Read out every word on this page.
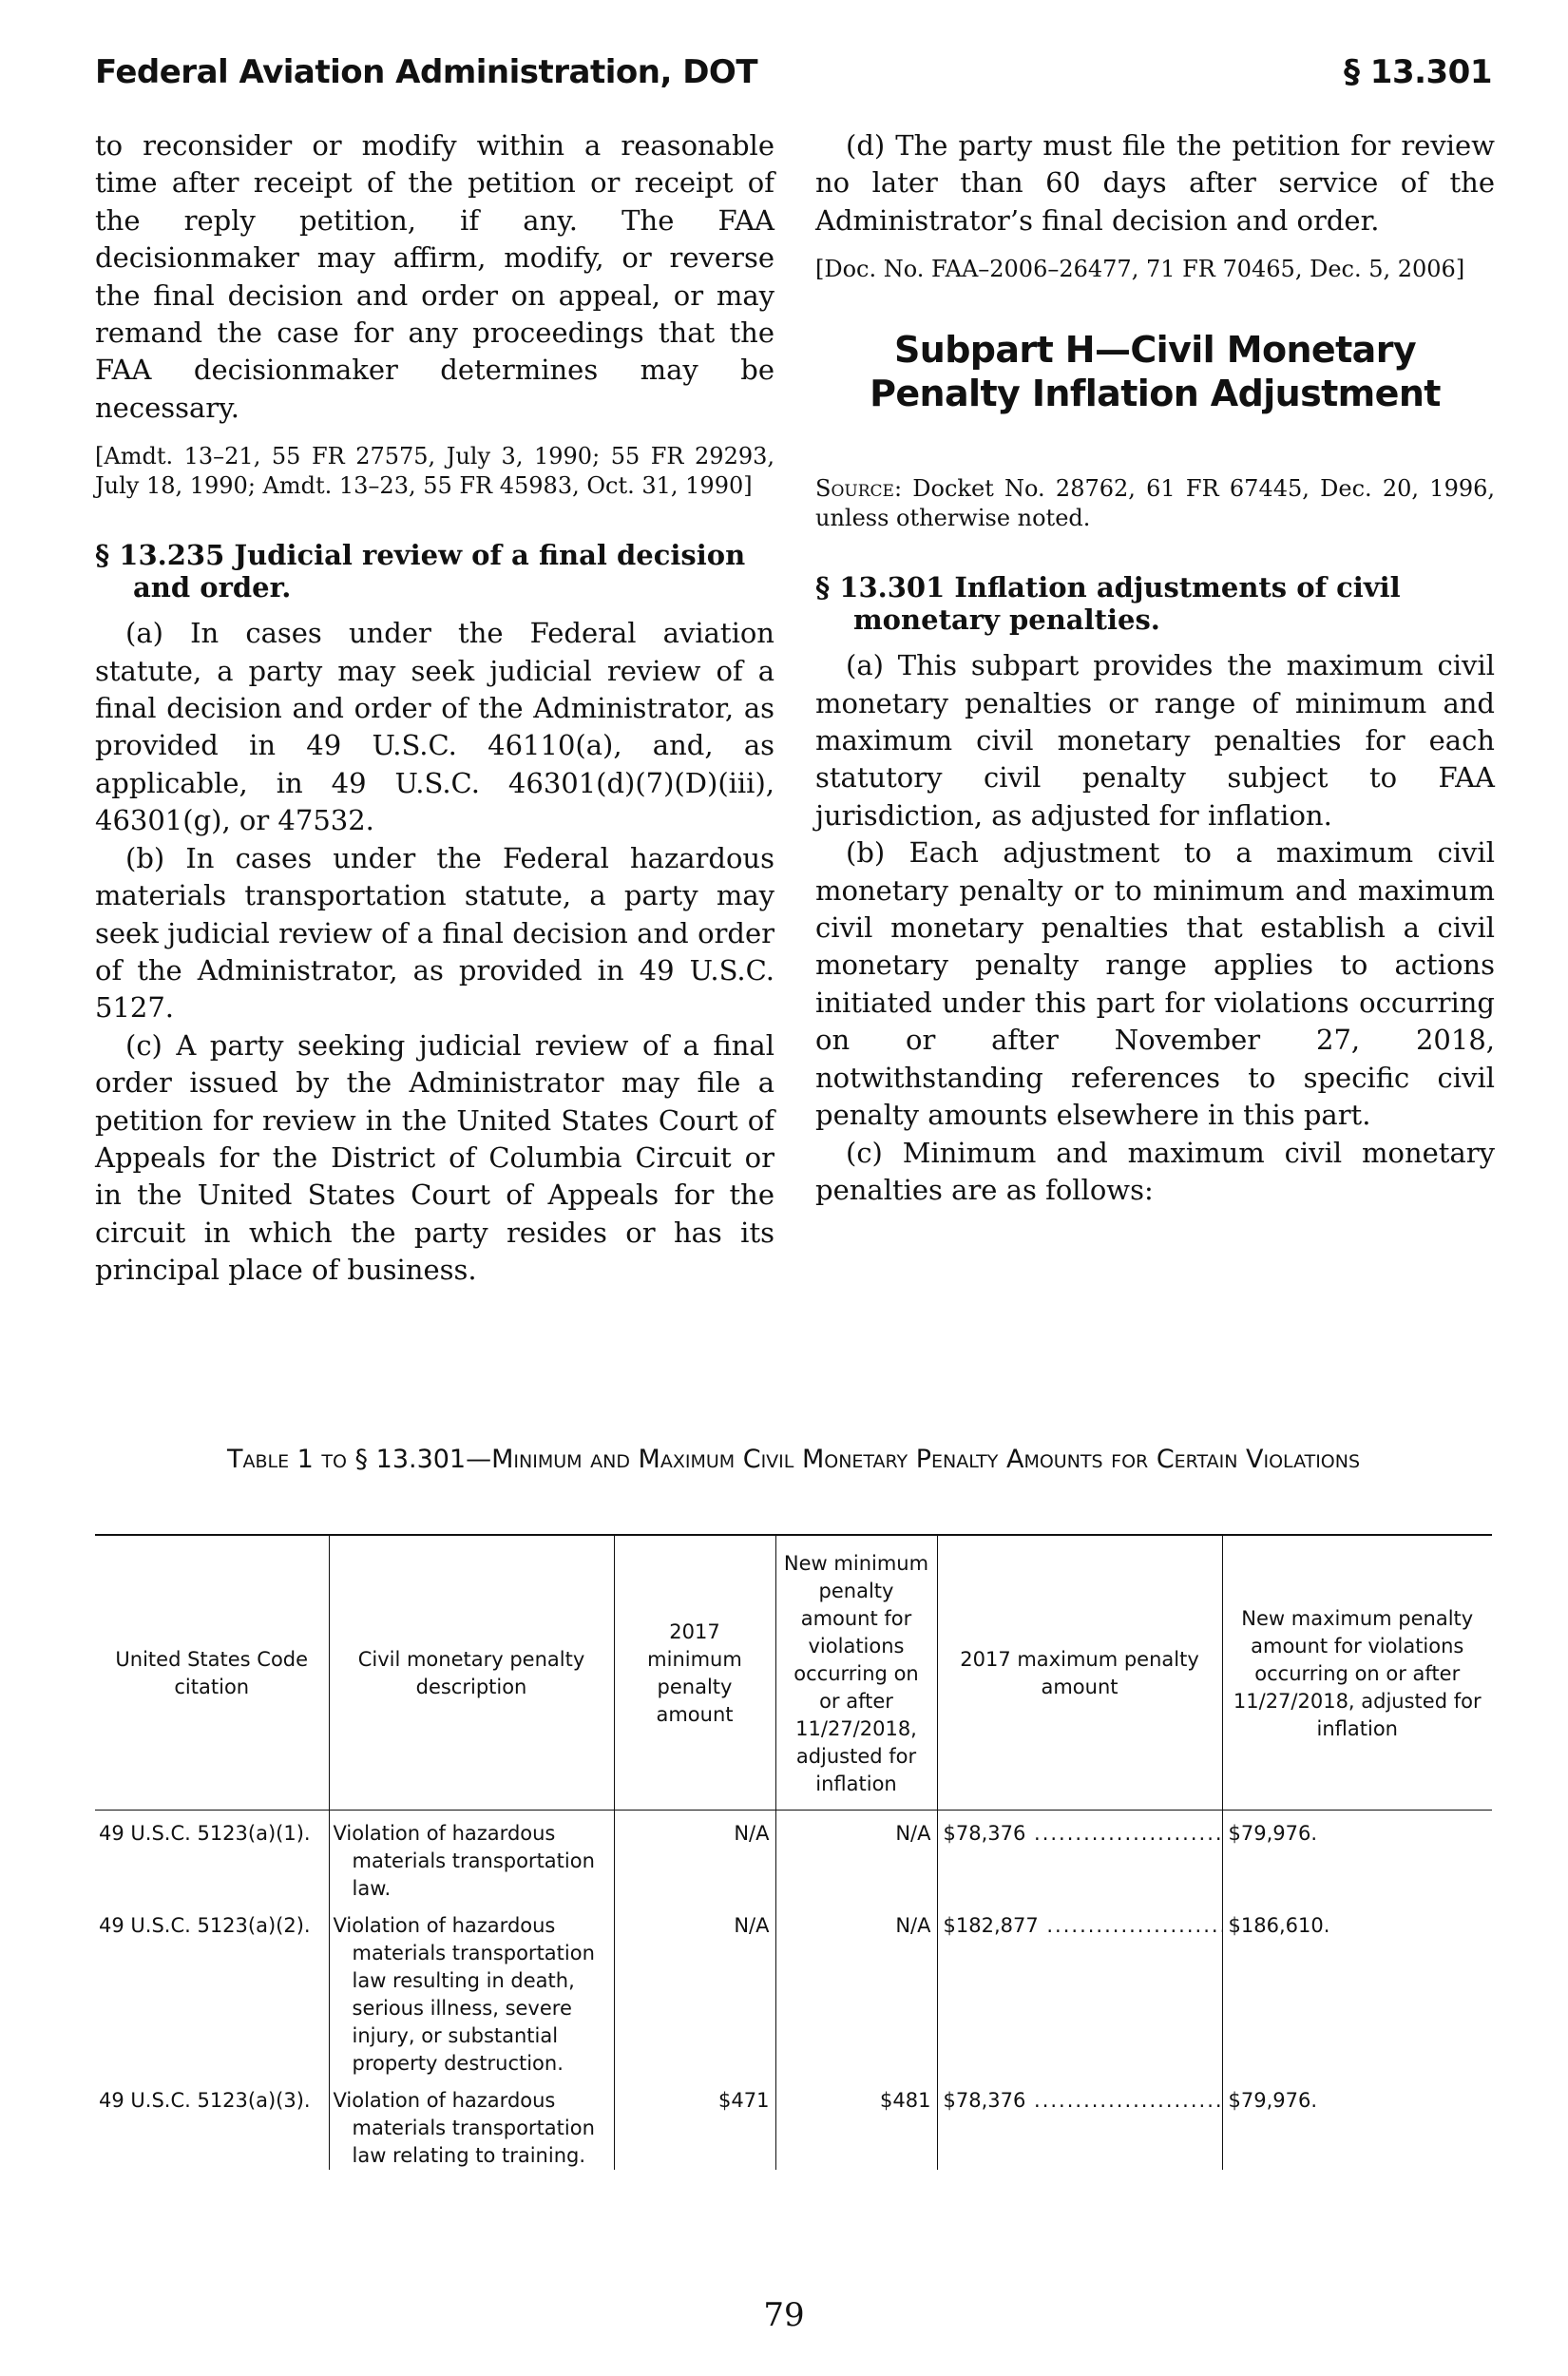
Federal Aviation Administration, DOT	§ 13.301

to reconsider or modify within a reasonable time after receipt of the petition or receipt of the reply petition, if any. The FAA decisionmaker may affirm, modify, or reverse the final decision and order on appeal, or may remand the case for any proceedings that the FAA decisionmaker determines may be necessary.

[Amdt. 13–21, 55 FR 27575, July 3, 1990; 55 FR 29293, July 18, 1990; Amdt. 13–23, 55 FR 45983, Oct. 31, 1990]

§ 13.235 Judicial review of a final decision and order.

(a) In cases under the Federal aviation statute, a party may seek judicial review of a final decision and order of the Administrator, as provided in 49 U.S.C. 46110(a), and, as applicable, in 49 U.S.C. 46301(d)(7)(D)(iii), 46301(g), or 47532.

(b) In cases under the Federal hazardous materials transportation statute, a party may seek judicial review of a final decision and order of the Administrator, as provided in 49 U.S.C. 5127.

(c) A party seeking judicial review of a final order issued by the Administrator may file a petition for review in the United States Court of Appeals for the District of Columbia Circuit or in the United States Court of Appeals for the circuit in which the party resides or has its principal place of business.

(d) The party must file the petition for review no later than 60 days after service of the Administrator’s final decision and order.

[Doc. No. FAA–2006–26477, 71 FR 70465, Dec. 5, 2006]

Subpart H—Civil Monetary Penalty Inflation Adjustment

Source: Docket No. 28762, 61 FR 67445, Dec. 20, 1996, unless otherwise noted.

§ 13.301 Inflation adjustments of civil monetary penalties.

(a) This subpart provides the maximum civil monetary penalties or range of minimum and maximum civil monetary penalties for each statutory civil penalty subject to FAA jurisdiction, as adjusted for inflation.

(b) Each adjustment to a maximum civil monetary penalty or to minimum and maximum civil monetary penalties that establish a civil monetary penalty range applies to actions initiated under this part for violations occurring on or after November 27, 2018, notwithstanding references to specific civil penalty amounts elsewhere in this part.

(c) Minimum and maximum civil monetary penalties are as follows:

Table 1 to § 13.301—Minimum and Maximum Civil Monetary Penalty Amounts for Certain Violations
United States Code citation	Civil monetary penalty description	2017 minimum penalty amount	New minimum penalty amount for violations occurring on or after 11/27/2018, adjusted for inflation	2017 maximum penalty amount	New maximum penalty amount for violations occurring on or after 11/27/2018, adjusted for inflation
49 U.S.C. 5123(a)(1).	Violation of hazardous materials transportation law.	N/A	N/A	$78,376 .....	$79,976.
49 U.S.C. 5123(a)(2).	Violation of hazardous materials transportation law resulting in death, serious illness, severe injury, or substantial property destruction.	N/A	N/A	$182,877 .....	$186,610.
49 U.S.C. 5123(a)(3).	Violation of hazardous materials transportation law relating to training.	$471	$481	$78,376 .....	$79,976.
79
